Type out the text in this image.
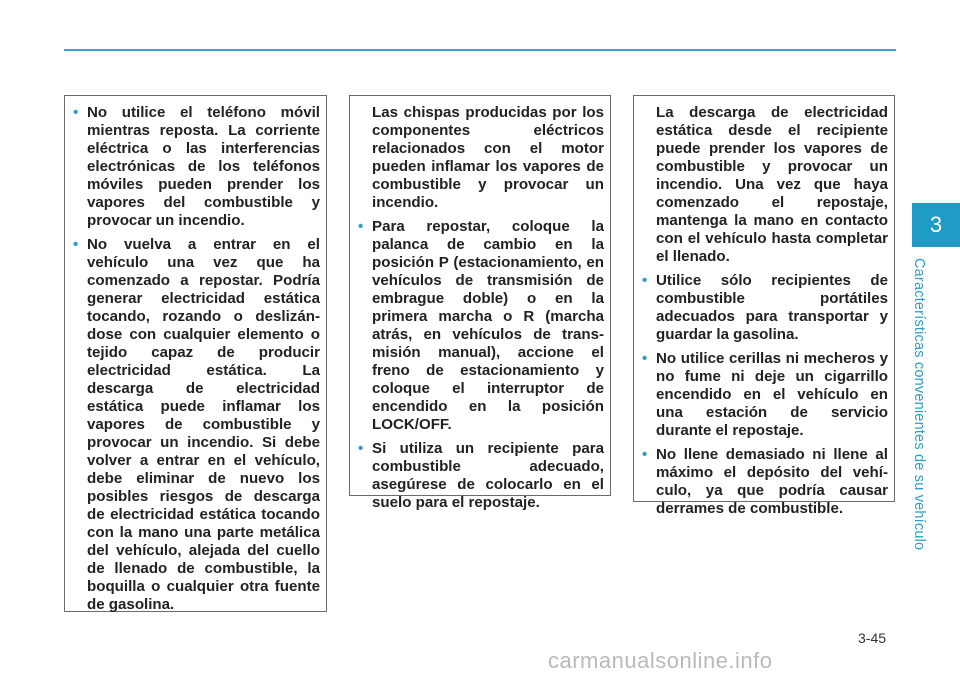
• No utilice el teléfono móvil mientras reposta. La corriente eléctrica o las interferencias electrónicas de los teléfonos móviles pueden prender los vapores del combustible y provocar un incendio.
• No vuelva a entrar en el vehículo una vez que ha comenzado a repostar. Podría generar electricidad estática tocando, rozando o deslizán-dose con cualquier elemento o tejido capaz de producir electricidad estática. La descarga de electricidad estática puede inflamar los vapores de combustible y provocar un incendio. Si debe volver a entrar en el vehículo, debe eliminar de nuevo los posibles riesgos de descarga de electricidad estática tocando con la mano una parte metálica del vehículo, alejada del cuello de llenado de combustible, la boquilla o cualquier otra fuente de gasolina.
Las chispas producidas por los componentes eléctricos relacionados con el motor pueden inflamar los vapores de combustible y provocar un incendio.
• Para repostar, coloque la palanca de cambio en la posición P (estacionamiento, en vehículos de transmisión de embrague doble) o en la primera marcha o R (marcha atrás, en vehículos de trans-misión manual), accione el freno de estacionamiento y coloque el interruptor de encendido en la posición LOCK/OFF.
• Si utiliza un recipiente para combustible adecuado, asegúrese de colocarlo en el suelo para el repostaje.
La descarga de electricidad estática desde el recipiente puede prender los vapores de combustible y provocar un incendio. Una vez que haya comenzado el repostaje, mantenga la mano en contacto con el vehículo hasta completar el llenado.
• Utilice sólo recipientes de combustible portátiles adecuados para transportar y guardar la gasolina.
• No utilice cerillas ni mecheros y no fume ni deje un cigarrillo encendido en el vehículo en una estación de servicio durante el repostaje.
• No llene demasiado ni llene al máximo el depósito del vehí-culo, ya que podría causar derrames de combustible.
3
Características convenientes de su vehículo
3-45
carmanualsonline.info
